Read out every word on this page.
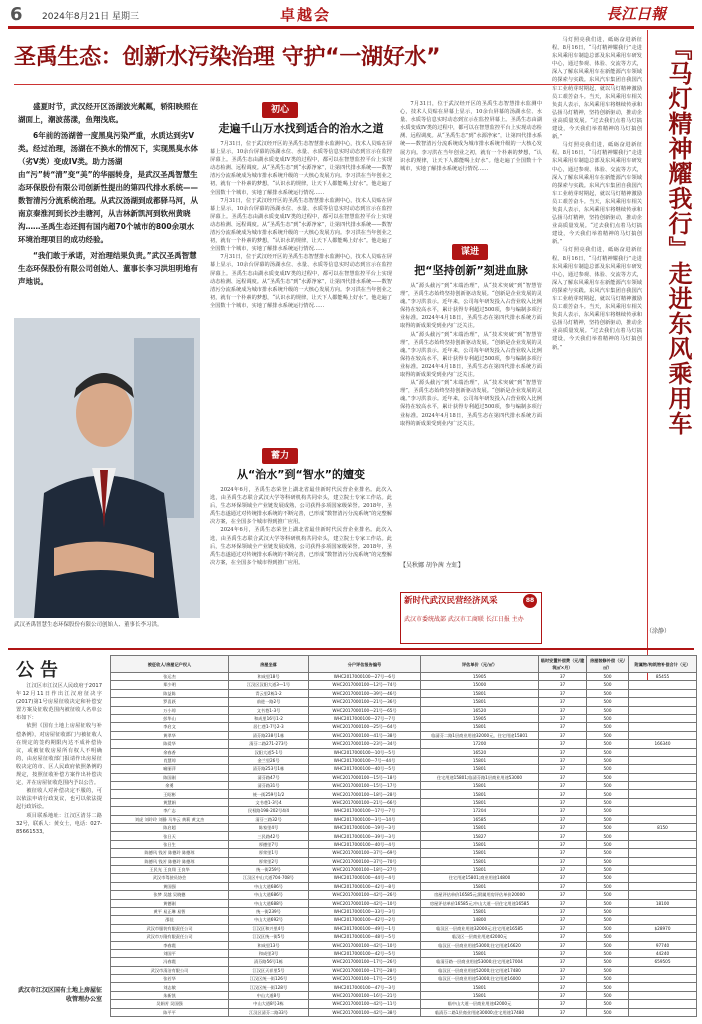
6 2024年8月21日 星期三	卓越会	長江日報
圣禹生态：创新水污染治理 守护“一湖好水”	『马灯精神耀我行』走进东风乘用车

盛夏时节，武汉经开区汤湖波光粼粼，轿阳映照在湖面上，潮波荡漾，鱼翔浅底。

6年前的汤湖曾一度黑臭污染严重，水质达到劣V类。经过治理，汤湖在不换水的情况下，实现黑臭水体（劣V类）变成IV类。助力汤湖由“污”转“清”变“美”的华丽转身，是武汉圣禹智慧生态环保股份有限公司创新性提出的第四代排水系统——数智清污分流系统治理。从武汉汤湖到成都驿马河，从南京秦淮河到长沙圭塘河，从吉林新凯河到软州黄晓沟……圣禹生态还拥有国内超70个城市的800余项水环境治理项目的成功经验。

“我们敢于承诺，对治理结果负责。”武汉圣禹智慧生态环保股份有限公司创始人、董事长李习洪坦明地有声地说。

武汉圣禹智慧生态环保股份有限公司创始人、董事长李习洪。
初心
走遍千山万水找到适合的治水之道

7月31日，位于武汉经开区的圣禹生态智慧排水监测中心，技术人员贴在屏幕上显示，10余台屏幕的汤湖水位、水量、水质等信息实时动态到宣示在监控屏幕上。圣禹生态由湖水质变成IV类的过程中，都可以在智慧监控平台上实现动态检测、远程调度。从“圣禹生态”到“水源净家”，让第四代排水系统——数智清污分流系统成为城市排水系统升级的一大核心发展方向。李习洪在当年创业之初，就有一个朴素的梦想，“认识水的规律，让天下人都能喝上好水”。他走遍了全国数十个城市，实地了解排水系统运行情况……

7月31日，位于武汉经开区的圣禹生态智慧排水监测中心，技术人员贴在屏幕上显示，10余台屏幕的汤湖水位、水量、水质等信息实时动态到宣示在监控屏幕上。圣禹生态由湖水质变成IV类的过程中，都可以在智慧监控平台上实现动态检测、远程调度。从“圣禹生态”到“水源净家”，让第四代排水系统——数智清污分流系统成为城市排水系统升级的一大核心发展方向。李习洪在当年创业之初，就有一个朴素的梦想，“认识水的规律，让天下人都能喝上好水”。他走遍了全国数十个城市，实地了解排水系统运行情况……

7月31日，位于武汉经开区的圣禹生态智慧排水监测中心，技术人员贴在屏幕上显示，10余台屏幕的汤湖水位、水量、水质等信息实时动态到宣示在监控屏幕上。圣禹生态由湖水质变成IV类的过程中，都可以在智慧监控平台上实现动态检测、远程调度。从“圣禹生态”到“水源净家”，让第四代排水系统——数智清污分流系统成为城市排水系统升级的一大核心发展方向。李习洪在当年创业之初，就有一个朴素的梦想，“认识水的规律，让天下人都能喝上好水”。他走遍了全国数十个城市，实地了解排水系统运行情况……

蓄力
从“治水”到“智水”的嬗变

2024年6月，圣禹生态荣登上湖北省最佳新时代民营企业排名。此次入选，由圣禹生态联合武汉大学等科研机构共同牵头，建立院士专家工作站。此后，生态环保领域全产业链发展成熟，公司获得多项国家级荣誉。2018年，圣禹生态遂通过对传统排水系统的不断完善，已形成“数智清污分流系统”的完整解决方案，在全国多个城市得到推广应用。

2024年6月，圣禹生态荣登上湖北省最佳新时代民营企业排名。此次入选，由圣禹生态联合武汉大学等科研机构共同牵头，建立院士专家工作站。此后，生态环保领域全产业链发展成熟，公司获得多项国家级荣誉。2018年，圣禹生态遂通过对传统排水系统的不断完善，已形成“数智清污分流系统”的完整解决方案，在全国多个城市得到推广应用。

7月31日，位于武汉经开区的圣禹生态智慧排水监测中心，技术人员贴在屏幕上显示，10余台屏幕的汤湖水位、水量、水质等信息实时动态到宣示在监控屏幕上。圣禹生态由湖水质变成IV类的过程中，都可以在智慧监控平台上实现动态检测、远程调度。从“圣禹生态”到“水源净家”，让第四代排水系统——数智清污分流系统成为城市排水系统升级的一大核心发展方向。李习洪在当年创业之初，就有一个朴素的梦想，“认识水的规律，让天下人都能喝上好水”。他走遍了全国数十个城市，实地了解排水系统运行情况……

谋进
把“坚持创新”刻进血脉

从“源头截污”到“末端治理”，从“技术突破”到“智慧管理”，圣禹生态始终坚持创新驱动发展。“创新是企业发展的灵魂。”李习洪表示。近年来，公司每年研发投入占营业收入比例保持在较高水平，累计获得专利超过500项，参与编制多项行业标准。2024年4月18日，圣禹生态在第四代排水系统方面取得的新成果受到业内广泛关注。

从“源头截污”到“末端治理”，从“技术突破”到“智慧管理”，圣禹生态始终坚持创新驱动发展。“创新是企业发展的灵魂。”李习洪表示。近年来，公司每年研发投入占营业收入比例保持在较高水平，累计获得专利超过500项，参与编制多项行业标准。2024年4月18日，圣禹生态在第四代排水系统方面取得的新成果受到业内广泛关注。

从“源头截污”到“末端治理”，从“技术突破”到“智慧管理”，圣禹生态始终坚持创新驱动发展。“创新是企业发展的灵魂。”李习洪表示。近年来，公司每年研发投入占营业收入比例保持在较高水平，累计获得专利超过500项，参与编制多项行业标准。2024年4月18日，圣禹生态在第四代排水系统方面取得的新成果受到业内广泛关注。

【吴秋娜 胡争茜 左虹】
新时代武汉民营经济风采	88
武汉市委统战部 武汉市工商联 长江日报 主办

马灯照亮我们进，砥砺奋进新征程。8月16日，“马灯精神耀我行”走进东风乘用车制造总部及东风乘用车研发中心，通过参观、体验、交流等方式，深入了解东风乘用车在新能源汽车领域的探索与实践。东风汽车集团自我国汽车工业萌芽时期起，就以马灯精神激励员工艰苦奋斗。当天，东风乘用车相关负责人表示，东风乘用车将继续传承和弘扬马灯精神，坚持创新驱动，推动企业高质量发展。“过去我们点着马灯搞建设，今天我们举着精神的马灯搞创新。”

马灯照亮我们进，砥砺奋进新征程。8月16日，“马灯精神耀我行”走进东风乘用车制造总部及东风乘用车研发中心，通过参观、体验、交流等方式，深入了解东风乘用车在新能源汽车领域的探索与实践。东风汽车集团自我国汽车工业萌芽时期起，就以马灯精神激励员工艰苦奋斗。当天，东风乘用车相关负责人表示，东风乘用车将继续传承和弘扬马灯精神，坚持创新驱动，推动企业高质量发展。“过去我们点着马灯搞建设，今天我们举着精神的马灯搞创新。”

马灯照亮我们进，砥砺奋进新征程。8月16日，“马灯精神耀我行”走进东风乘用车制造总部及东风乘用车研发中心，通过参观、体验、交流等方式，深入了解东风乘用车在新能源汽车领域的探索与实践。东风汽车集团自我国汽车工业萌芽时期起，就以马灯精神激励员工艰苦奋斗。当天，东风乘用车相关负责人表示，东风乘用车将继续传承和弘扬马灯精神，坚持创新驱动，推动企业高质量发展。“过去我们点着马灯搞建设，今天我们举着精神的马灯搞创新。”

（涂静）
公告

江汉区市江汉区人民政府于2017年12月11日作出江汉府征决字(2017)第1号房屋征收决定和补偿安置方案及征收范围内被征收人名单公布如下：

依照《国有土地上房屋征收与补偿条例》，对房屋征收部门与被征收人在规定的签约期限内达不成补偿协议，或被征收房屋所有权人不明确的，由房屋征收部门报请作出房屋征收决定的市、区人民政府依照条例的规定，按照征收补偿方案作出补偿决定，并在房屋征收范围内予以公告。

被征收人对补偿决定不服的，可以依法申请行政复议，也可以依法提起行政诉讼。

项目联系地址：江汉区清芬二路32号，联系人：黄女士，电话：027-85661533。

武汉市江汉区国有土地上房屋征收管理办公室
被征收人/房屋记户权人	房屋坐落	分户评估报告编号	评估单价（元/㎡）	临时安置补偿费（元/建筑㎡×月）	房屋装修补偿（元/㎡）	附属物/构筑物补偿合计（元）
张运杰	和成里18号	WHC2017000100—27号—6号	15905	37	500	85455
郑少明	江汉区汉阳大道3—1号	WHC2017000100—12号—74号	15000	37	500	
陈益陈	青云里2栋1-2	WHC2017000100—39号—46号	15801	37	500	
罗喜跃	前进一路2号	WHC2017000100—21号—36号	15801	37	500	
万小琼	文书巷1-3号	WHC2017000100—21号—65号	16520	37	500	
彭华山	和成里16号1-2	WHC2017000100—27号—7号	15905	37	500	
李启文	居仁巷1-7号2-3	WHC2017000100—25号—64号	15801	37	500	
黄翠华	清芬路238号1栋	WHC2017000100—41号—38号	临清芬二路1层商业用途32000元，住宅用途15801	37	500	
陈爱华	清芬二路271-273号	WHC2017000100—23号—34号	17200	37	500	166340
余春香	汉阳大道5-1号	WHC2017000100—10号—5号	16520	37	500	
肖慧琼	金兰里26号	WHC2017000100—7号—44号	15801	37	500	
喻丽萍	清芬路253号1栋	WHC2017000100—40号—5号	15801	37	500	
陈国刚	清芬路47号	WHC2017000100—15号—18号	住宅用途15801;临清芬路1层商业用途53000	37	500	
余勇	清芬路31号	WHC2017000100—15号—17号	15801	37	500	
王昭彬	统一街259号1/2	WHC2017000100—18号—28号	15801	37	500	
黄慧娟	文书巷1-3号4	WHC2017000100—21号—66号	15801	37	500	
李广志	民权路198-202号4/4	WHC2017000100—17号—7号	17204	37	500	
刘虎 刘玲玲 刘静 马华云 黄莉 黄文杰	清芬三路32号	WHC2017000100—3号—14号	16585	37	500	
陈启超	陈家里4号	WHC2017000100—19号—3号	15801	37	500	8150
张日天	三民路42号	WHC2017000100—39号—3号	15827	37	500	
张日生	厚德里7号	WHC2017000100—40号—4号	15801	37	500	
陈德风 钱芳 陈德玲 陈德琼	厚荣里1号	WHC2017000100—37号—69号	15801	37	500	
陈德风 钱芳 陈德玲 陈德琼	厚荣里2号	WHC2017000100—37号—70号	15801	37	500	
王民光 王良翔 王良华	统一街259号	WHC2017000100—18号—27号	15801	37	500	
武汉市驾驶员协会	江汉区中山大道704-708号	WHC2017000100—44号—4号	住宅用途15801;商业用途14800	37	500	
黄国强	中山大道686号	WHC2017000100—42号—8号	15801	37	500	
张梦 吴越 吴晓德	中山大道686号	WHC2017000100—42号—26号	房屋评估单价16585元;附属用房评估单价20000	37	500	
黄德刚	中山大道688号	WHC2017000100—42号—10号	房屋评估单价16585元;中山大道一层住宅用途16585	37	500	18100
黄平 易正琳 易智	统一街239号	WHC2017000100—33号—3号	15801	37	500	
邵佳	中山大道692号	WHC2017000100—42号—2号	14800	37	500	
武汉市服装有限责任公司	江汉区和兴里4号	WHC2017000100—49号—1号	临汉区一层商业用途32000元;住宅用途16585	37	500	$28970
武汉市万隆有限责任公司	江汉区统一街5号	WHC2017000100—48号—5号	临汉区一层商业用途42000元	37	500	
李春霞	和成里13号	WHC2017000100—42号—10号	临汉区一层商业用途53000;住宅用途16620	37	500	97740
刘国平	和成里3号	WHC2017000100—42号—5号	15801	37	500	44240
冯春霞	清芬路56号1栋	WHC2017000100—17号—26号	临清芬路一层商业用途53000;住宅用途17004	37	500	659505
武汉市清洁有限公司	江汉区天祥里5号	WHC2017000100—17号—28号	临汉区一层商业用途52000;住宅用途17480	37	500	
张若华	江汉区统一街126号	WHC2017000100—17号—25号	临汉区一层商业用途53000;住宅用途16000	37	500	
刘志敏	江汉区统一街128号	WHC2017000100—47号—3号	15801	37	500	
朱新凯	中山大道8号	WHC2017000100—16号—21号	15801	37	500	
吴娟芳 吴国强	中山大道8号3栋	WHC2017000100—42号—11号	临中山大道一层商业用途42000元	37	500	
陈平平	江汉区清芬二路33号	WHC2017000100—42号—38号	临清芬二路1层商业用途30000;住宅用途17480	37	500	
